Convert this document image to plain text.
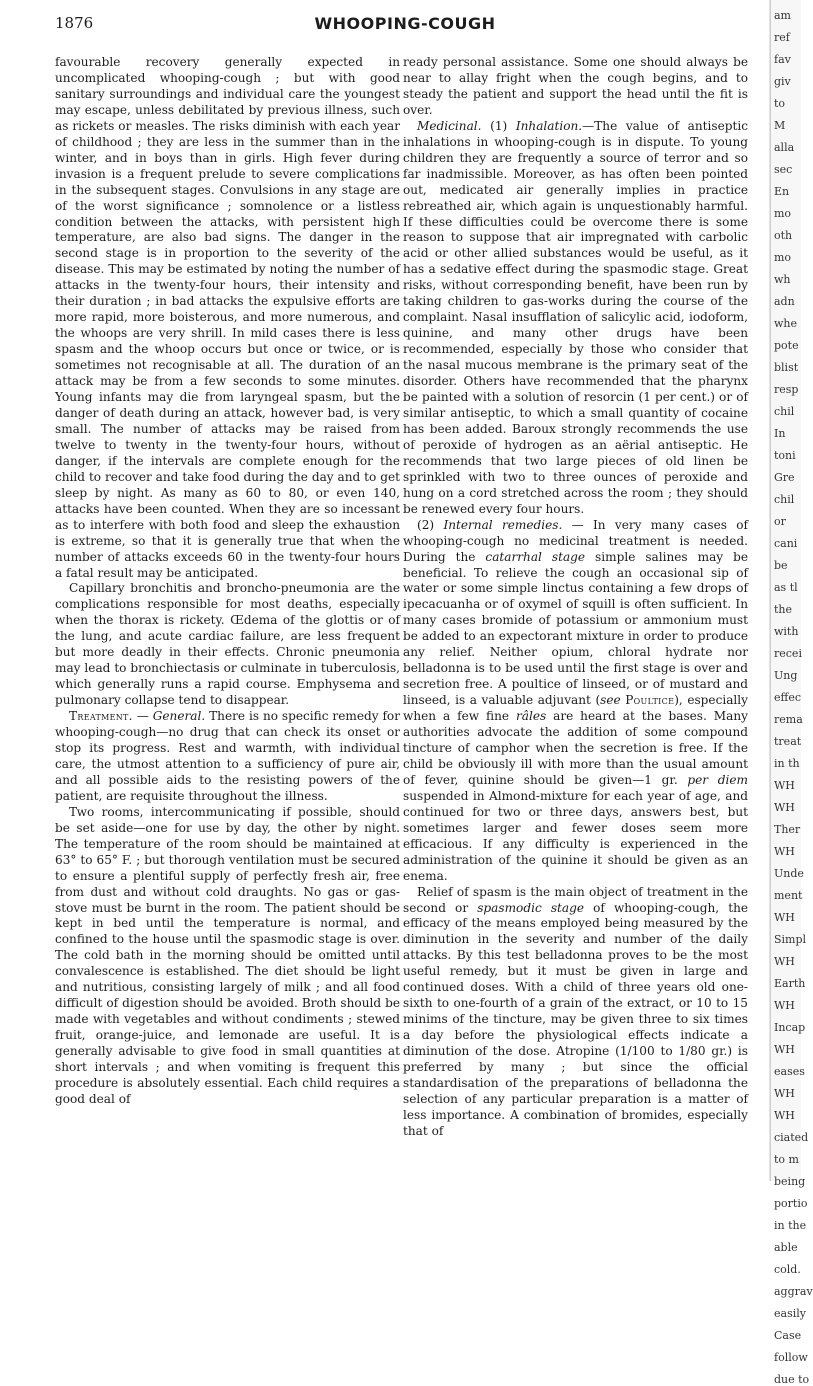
1876	WHOOPING-COUGH

favourable recovery generally expected in uncomplicated whooping-cough ; but with good sanitary surroundings and individual care the youngest may escape, unless debilitated by previous illness, such as rickets or measles. The risks diminish with each year of childhood ; they are less in the summer than in the winter, and in boys than in girls. High fever during invasion is a frequent prelude to severe complications in the subsequent stages. Convulsions in any stage are of the worst significance ; somnolence or a listless condition between the attacks, with persistent high temperature, are also bad signs. The danger in the second stage is in proportion to the severity of the disease. This may be estimated by noting the number of attacks in the twenty-four hours, their intensity and their duration ; in bad attacks the expulsive efforts are more rapid, more boisterous, and more numerous, and the whoops are very shrill. In mild cases there is less spasm and the whoop occurs but once or twice, or is sometimes not recognisable at all. The duration of an attack may be from a few seconds to some minutes. Young infants may die from laryngeal spasm, but the danger of death during an attack, however bad, is very small. The number of attacks may be raised from twelve to twenty in the twenty-four hours, without danger, if the intervals are complete enough for the child to recover and take food during the day and to get sleep by night. As many as 60 to 80, or even 140, attacks have been counted. When they are so incessant as to interfere with both food and sleep the exhaustion is extreme, so that it is generally true that when the number of attacks exceeds 60 in the twenty-four hours a fatal result may be anticipated.

Capillary bronchitis and broncho-pneumonia are the complications responsible for most deaths, especially when the thorax is rickety. Œdema of the glottis or of the lung, and acute cardiac failure, are less frequent but more deadly in their effects. Chronic pneumonia may lead to bronchiectasis or culminate in tuberculosis, which generally runs a rapid course. Emphysema and pulmonary collapse tend to disappear.

Treatment. — General. There is no specific remedy for whooping-cough—no drug that can check its onset or stop its progress. Rest and warmth, with individual care, the utmost attention to a sufficiency of pure air, and all possible aids to the resisting powers of the patient, are requisite throughout the illness.

Two rooms, intercommunicating if possible, should be set aside—one for use by day, the other by night. The temperature of the room should be maintained at 63° to 65° F. ; but thorough ventilation must be secured to ensure a plentiful supply of perfectly fresh air, free from dust and without cold draughts. No gas or gas-stove must be burnt in the room. The patient should be kept in bed until the temperature is normal, and confined to the house until the spasmodic stage is over. The cold bath in the morning should be omitted until convalescence is established. The diet should be light and nutritious, consisting largely of milk ; and all food difficult of digestion should be avoided. Broth should be made with vegetables and without condiments ; stewed fruit, orange-juice, and lemonade are useful. It is generally advisable to give food in small quantities at short intervals ; and when vomiting is frequent this procedure is absolutely essential. Each child requires a good deal of

ready personal assistance. Some one should always be near to allay fright when the cough begins, and to steady the patient and support the head until the fit is over.

Medicinal. (1) Inhalation.—The value of antiseptic inhalations in whooping-cough is in dispute. To young children they are frequently a source of terror and so far inadmissible. Moreover, as has often been pointed out, medicated air generally implies in practice rebreathed air, which again is unquestionably harmful. If these difficulties could be overcome there is some reason to suppose that air impregnated with carbolic acid or other allied substances would be useful, as it has a sedative effect during the spasmodic stage. Great risks, without corresponding benefit, have been run by taking children to gas-works during the course of the complaint. Nasal insufflation of salicylic acid, iodoform, quinine, and many other drugs have been recommended, especially by those who consider that the nasal mucous membrane is the primary seat of the disorder. Others have recommended that the pharynx be painted with a solution of resorcin (1 per cent.) or of similar antiseptic, to which a small quantity of cocaine has been added. Baroux strongly recommends the use of peroxide of hydrogen as an aërial antiseptic. He recommends that two large pieces of old linen be sprinkled with two to three ounces of peroxide and hung on a cord stretched across the room ; they should be renewed every four hours.

(2) Internal remedies. — In very many cases of whooping-cough no medicinal treatment is needed. During the catarrhal stage simple salines may be beneficial. To relieve the cough an occasional sip of water or some simple linctus containing a few drops of ipecacuanha or of oxymel of squill is often sufficient. In many cases bromide of potassium or ammonium must be added to an expectorant mixture in order to produce any relief. Neither opium, chloral hydrate nor belladonna is to be used until the first stage is over and secretion free. A poultice of linseed, or of mustard and linseed, is a valuable adjuvant (see Poultice), especially when a few fine râles are heard at the bases. Many authorities advocate the addition of some compound tincture of camphor when the secretion is free. If the child be obviously ill with more than the usual amount of fever, quinine should be given—1 gr. per diem suspended in Almond-mixture for each year of age, and continued for two or three days, answers best, but sometimes larger and fewer doses seem more efficacious. If any difficulty is experienced in the administration of the quinine it should be given as an enema.

Relief of spasm is the main object of treatment in the second or spasmodic stage of whooping-cough, the efficacy of the means employed being measured by the diminution in the severity and number of the daily attacks. By this test belladonna proves to be the most useful remedy, but it must be given in large and continued doses. With a child of three years old one-sixth to one-fourth of a grain of the extract, or 10 to 15 minims of the tincture, may be given three to six times a day before the physiological effects indicate a diminution of the dose. Atropine (1/100 to 1/80 gr.) is preferred by many ; but since the official standardisation of the preparations of belladonna the selection of any particular preparation is a matter of less importance. A combination of bromides, especially that of

am
ref
fav
giv
to
M
alla
sec
En
mo
oth
mo
wh
adn
whe
pote
blist
resp
chil
In
toni
Gre
chil
or
cani
be
as tl
the
with
recei
Ung
effec
rema
treat
in th
WH
WH
Ther
WH
Unde
ment
WH
Simpl
WH
Earth
WH
Incap
WH
eases
WH
WH
ciated
to m
being
portio
in the
able
cold.
aggrav
easily
Case
follow
due to
